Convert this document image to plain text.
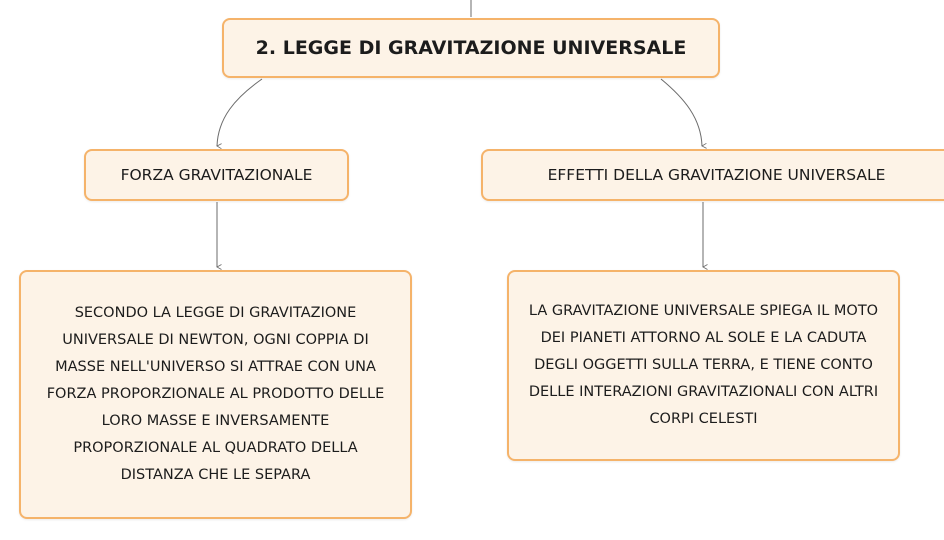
2. LEGGE DI GRAVITAZIONE UNIVERSALE
FORZA GRAVITAZIONALE	EFFETTI DELLA GRAVITAZIONE UNIVERSALE
SECONDO LA LEGGE DI GRAVITAZIONE UNIVERSALE DI NEWTON, OGNI COPPIA DI MASSE NELL'UNIVERSO SI ATTRAE CON UNA FORZA PROPORZIONALE AL PRODOTTO DELLE LORO MASSE E INVERSAMENTE PROPORZIONALE AL QUADRATO DELLA DISTANZA CHE LE SEPARA
LA GRAVITAZIONE UNIVERSALE SPIEGA IL MOTO DEI PIANETI ATTORNO AL SOLE E LA CADUTA DEGLI OGGETTI SULLA TERRA, E TIENE CONTO DELLE INTERAZIONI GRAVITAZIONALI CON ALTRI CORPI CELESTI
